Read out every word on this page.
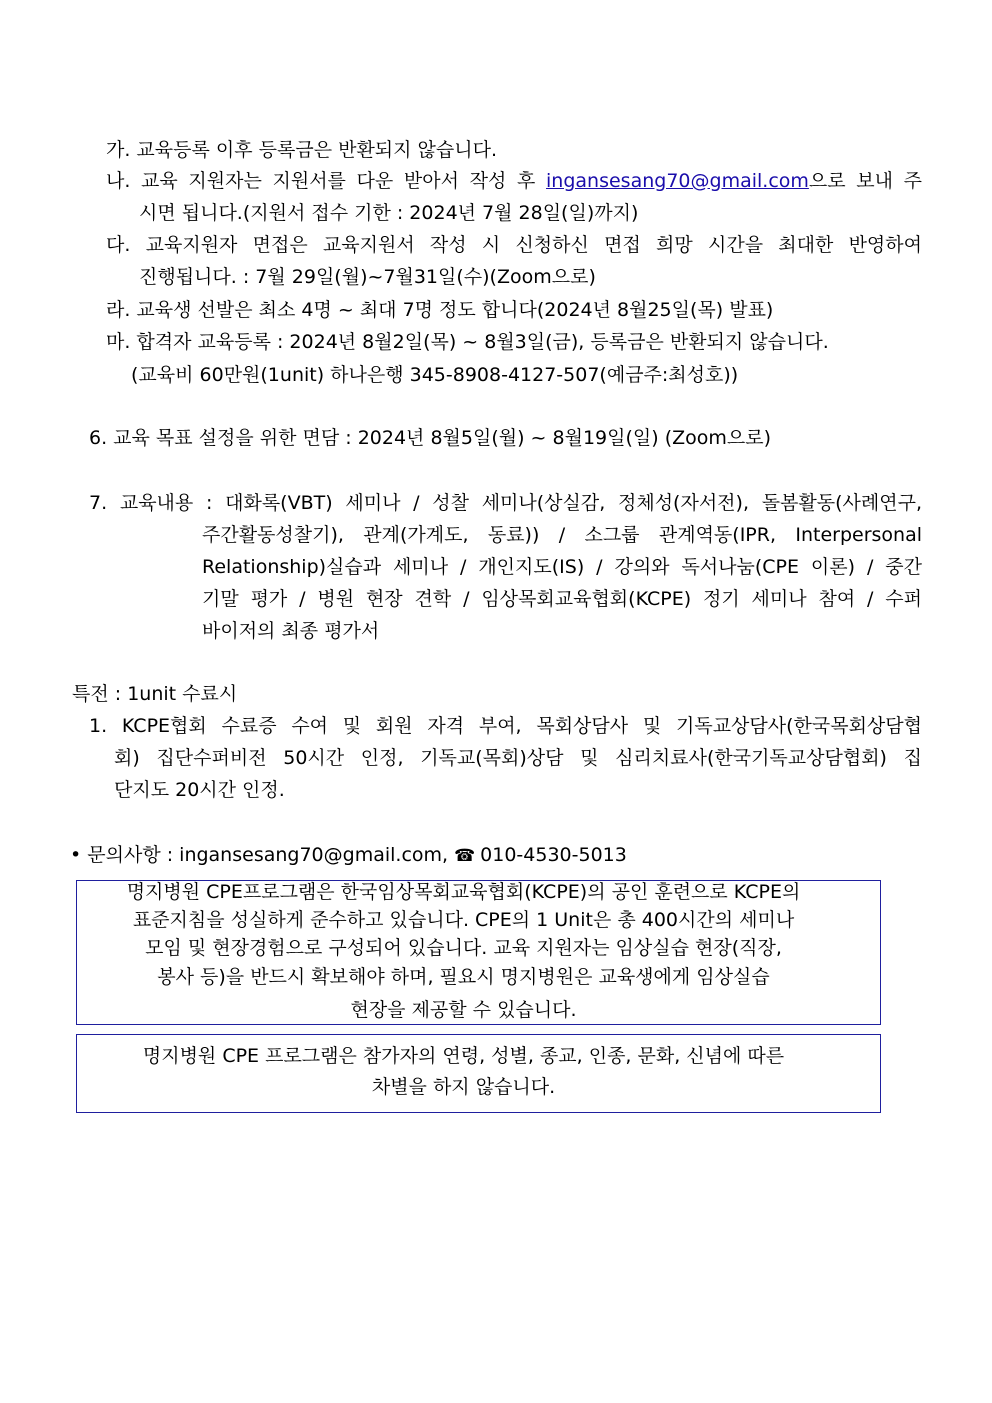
가. 교육등록 이후 등록금은 반환되지 않습니다.
나. 교육 지원자는 지원서를 다운 받아서 작성 후 ingansesang70@gmail.com으로 보내 주
시면 됩니다.(지원서 접수 기한 : 2024년 7월 28일(일)까지)
다. 교육지원자 면접은 교육지원서 작성 시 신청하신 면접 희망 시간을 최대한 반영하여
진행됩니다. : 7월 29일(월)~7월31일(수)(Zoom으로)
라. 교육생 선발은 최소 4명 ~ 최대 7명 정도 합니다(2024년 8월25일(목) 발표)
마. 합격자 교육등록 : 2024년 8월2일(목) ~ 8월3일(금), 등록금은 반환되지 않습니다.
(교육비 60만원(1unit) 하나은행 345-8908-4127-507(예금주:최성호))
6. 교육 목표 설정을 위한 면담 : 2024년 8월5일(월) ~ 8월19일(일) (Zoom으로)
7. 교육내용 : 대화록(VBT) 세미나 / 성찰 세미나(상실감, 정체성(자서전), 돌봄활동(사례연구,
주간활동성찰기), 관계(가계도, 동료)) / 소그룹 관계역동(IPR, Interpersonal
Relationship)실습과 세미나 / 개인지도(IS) / 강의와 독서나눔(CPE 이론) / 중간
기말 평가 / 병원 현장 견학 / 임상목회교육협회(KCPE) 정기 세미나 참여 / 수퍼
바이저의 최종 평가서
특전 : 1unit 수료시
1. KCPE협회 수료증 수여 및 회원 자격 부여, 목회상담사 및 기독교상담사(한국목회상담협
회) 집단수퍼비전 50시간 인정, 기독교(목회)상담 및 심리치료사(한국기독교상담협회) 집
단지도 20시간 인정.
• 문의사항 : ingansesang70@gmail.com, ☎ 010-4530-5013
명지병원 CPE프로그램은 한국임상목회교육협회(KCPE)의 공인 훈련으로 KCPE의
표준지침을 성실하게 준수하고 있습니다. CPE의 1 Unit은 총 400시간의 세미나
모임 및 현장경험으로 구성되어 있습니다. 교육 지원자는 임상실습 현장(직장,
봉사 등)을 반드시 확보해야 하며, 필요시 명지병원은 교육생에게 임상실습
현장을 제공할 수 있습니다.
명지병원 CPE 프로그램은 참가자의 연령, 성별, 종교, 인종, 문화, 신념에 따른
차별을 하지 않습니다.
